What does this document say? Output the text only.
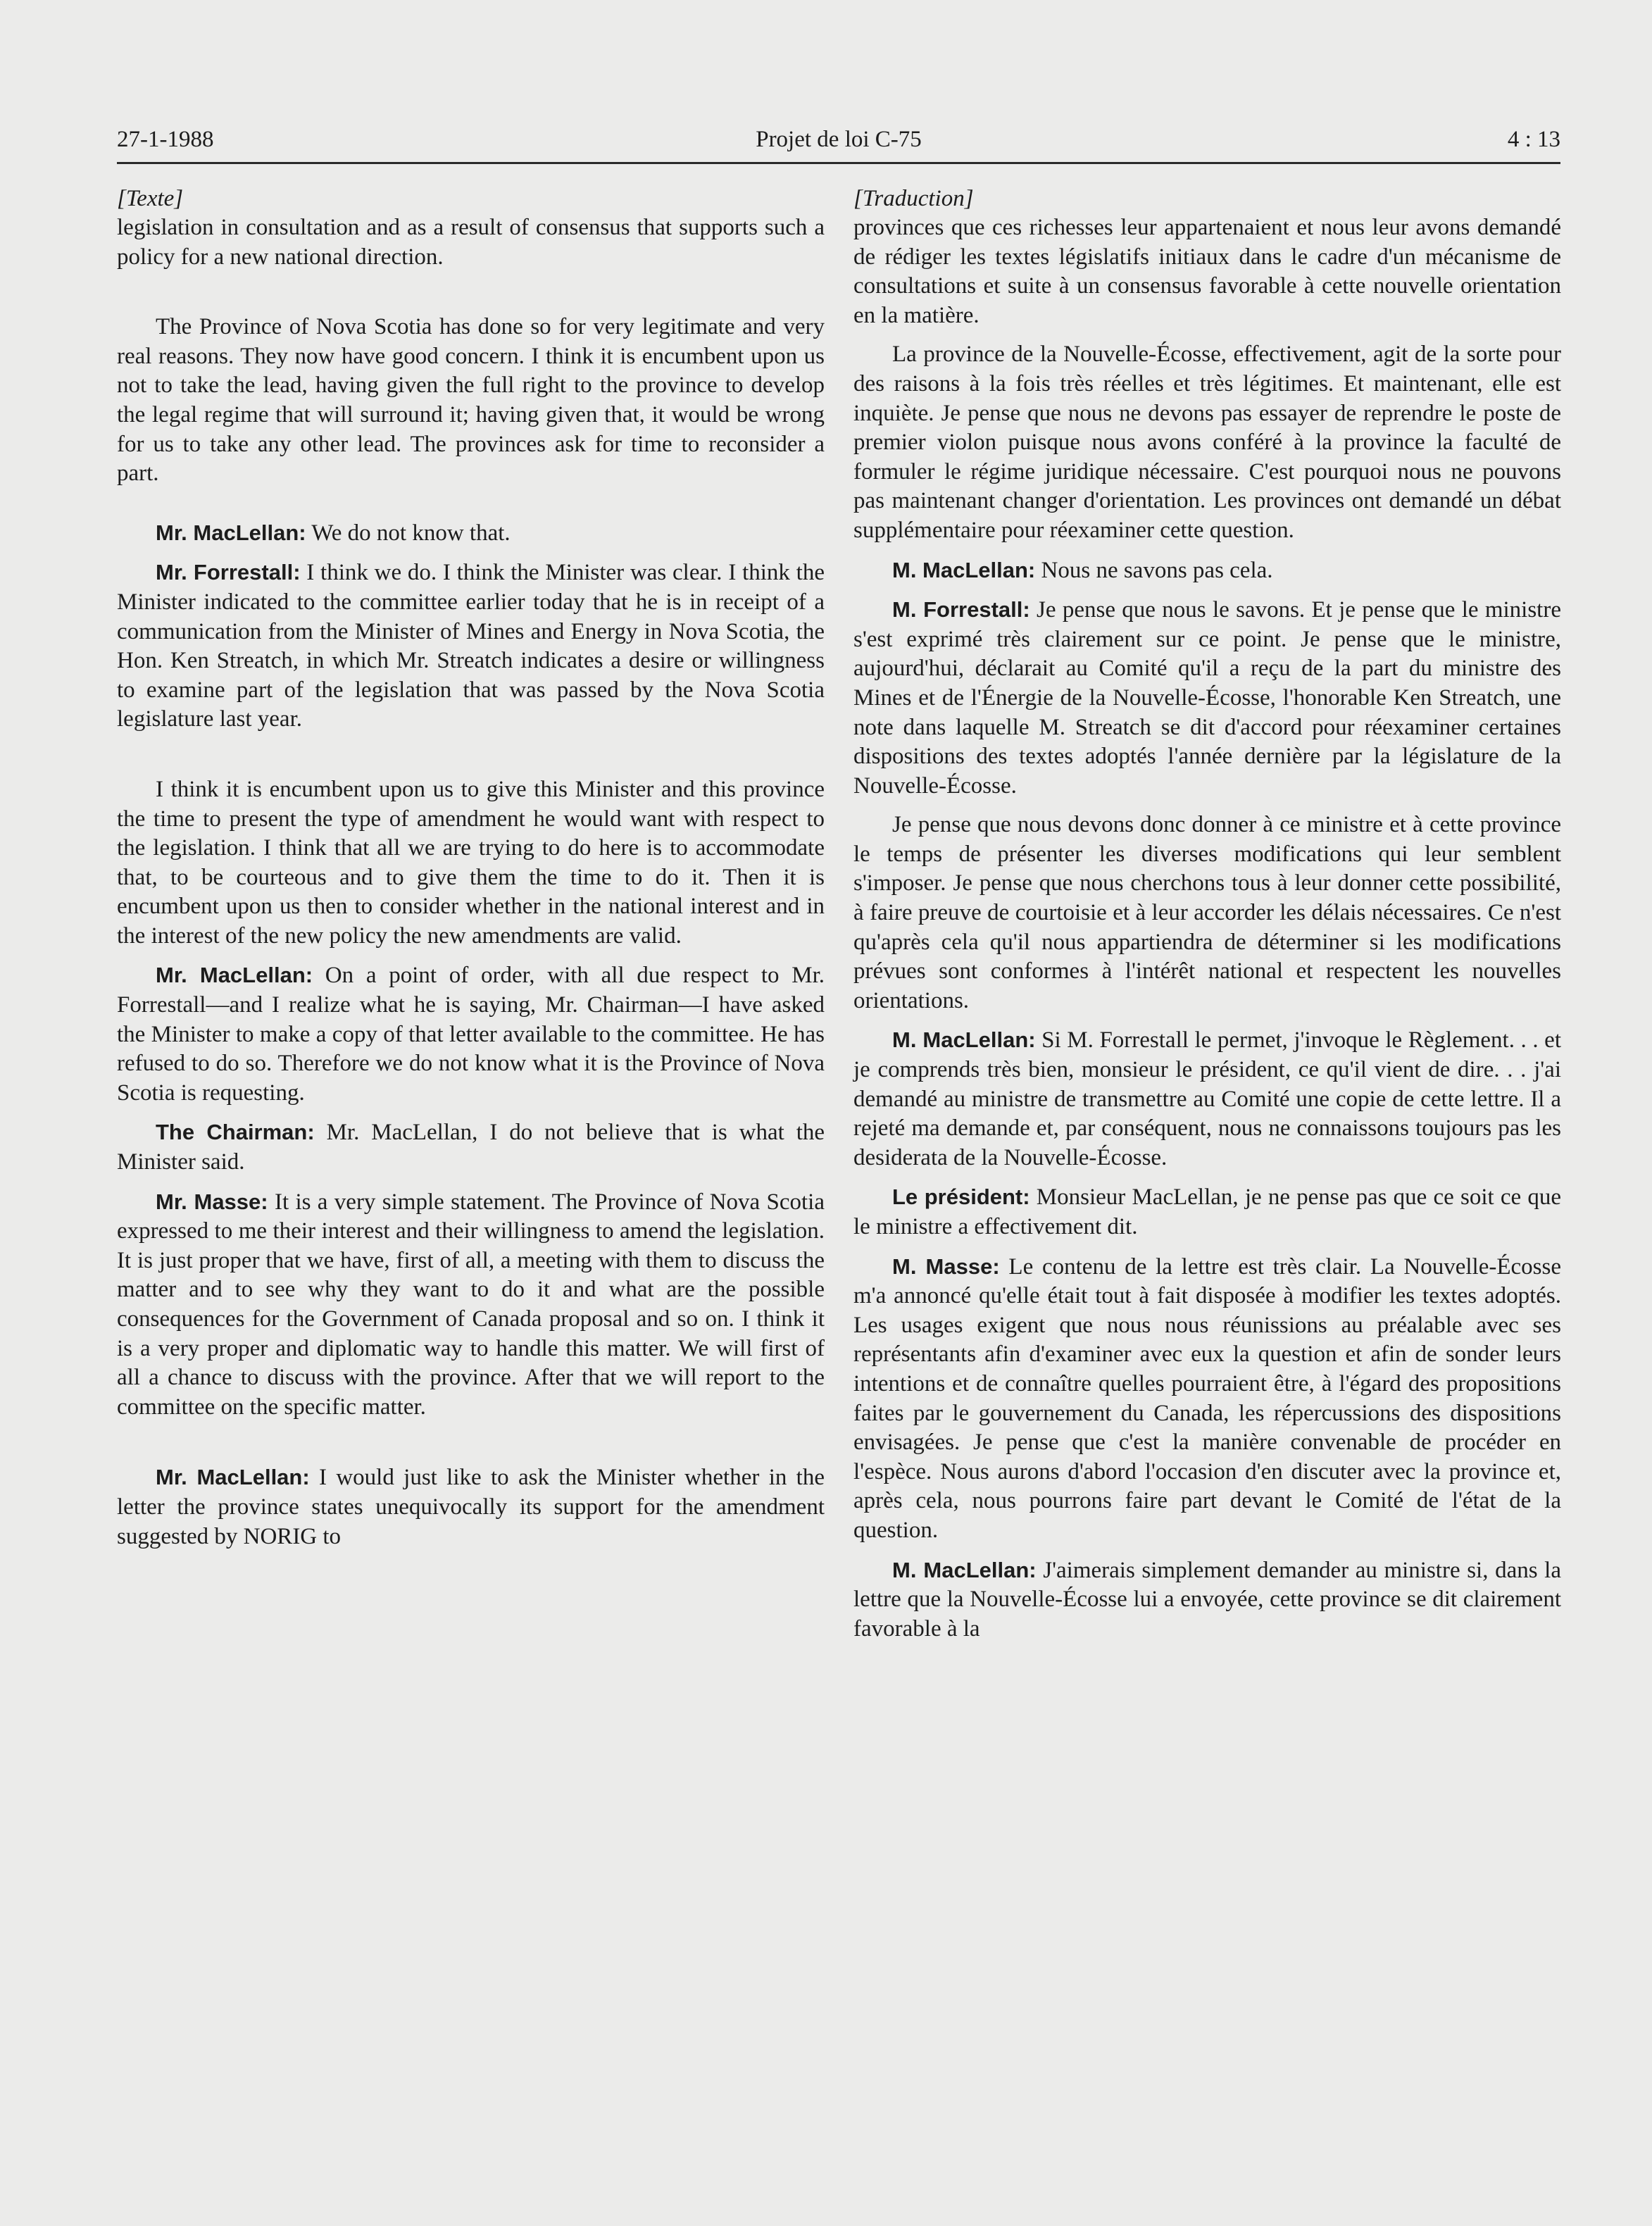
27-1-1988	Projet de loi C-75	4 : 13
[Texte]

legislation in consultation and as a result of consensus that supports such a policy for a new national direction.

The Province of Nova Scotia has done so for very legitimate and very real reasons. They now have good concern. I think it is encumbent upon us not to take the lead, having given the full right to the province to develop the legal regime that will surround it; having given that, it would be wrong for us to take any other lead. The provinces ask for time to reconsider a part.

Mr. MacLellan: We do not know that.

Mr. Forrestall: I think we do. I think the Minister was clear. I think the Minister indicated to the committee earlier today that he is in receipt of a communication from the Minister of Mines and Energy in Nova Scotia, the Hon. Ken Streatch, in which Mr. Streatch indicates a desire or willingness to examine part of the legislation that was passed by the Nova Scotia legislature last year.

I think it is encumbent upon us to give this Minister and this province the time to present the type of amendment he would want with respect to the legislation. I think that all we are trying to do here is to accommodate that, to be courteous and to give them the time to do it. Then it is encumbent upon us then to consider whether in the national interest and in the interest of the new policy the new amendments are valid.

Mr. MacLellan: On a point of order, with all due respect to Mr. Forrestall—and I realize what he is saying, Mr. Chairman—I have asked the Minister to make a copy of that letter available to the committee. He has refused to do so. Therefore we do not know what it is the Province of Nova Scotia is requesting.

The Chairman: Mr. MacLellan, I do not believe that is what the Minister said.

Mr. Masse: It is a very simple statement. The Province of Nova Scotia expressed to me their interest and their willingness to amend the legislation. It is just proper that we have, first of all, a meeting with them to discuss the matter and to see why they want to do it and what are the possible consequences for the Government of Canada proposal and so on. I think it is a very proper and diplomatic way to handle this matter. We will first of all a chance to discuss with the province. After that we will report to the committee on the specific matter.

Mr. MacLellan: I would just like to ask the Minister whether in the letter the province states unequivocally its support for the amendment suggested by NORIG to

[Traduction]

provinces que ces richesses leur appartenaient et nous leur avons demandé de rédiger les textes législatifs initiaux dans le cadre d'un mécanisme de consultations et suite à un consensus favorable à cette nouvelle orientation en la matière.

La province de la Nouvelle-Écosse, effectivement, agit de la sorte pour des raisons à la fois très réelles et très légitimes. Et maintenant, elle est inquiète. Je pense que nous ne devons pas essayer de reprendre le poste de premier violon puisque nous avons conféré à la province la faculté de formuler le régime juridique nécessaire. C'est pourquoi nous ne pouvons pas maintenant changer d'orientation. Les provinces ont demandé un débat supplémentaire pour réexaminer cette question.

M. MacLellan: Nous ne savons pas cela.

M. Forrestall: Je pense que nous le savons. Et je pense que le ministre s'est exprimé très clairement sur ce point. Je pense que le ministre, aujourd'hui, déclarait au Comité qu'il a reçu de la part du ministre des Mines et de l'Énergie de la Nouvelle-Écosse, l'honorable Ken Streatch, une note dans laquelle M. Streatch se dit d'accord pour réexaminer certaines dispositions des textes adoptés l'année dernière par la législature de la Nouvelle-Écosse.

Je pense que nous devons donc donner à ce ministre et à cette province le temps de présenter les diverses modifications qui leur semblent s'imposer. Je pense que nous cherchons tous à leur donner cette possibilité, à faire preuve de courtoisie et à leur accorder les délais nécessaires. Ce n'est qu'après cela qu'il nous appartiendra de déterminer si les modifications prévues sont conformes à l'intérêt national et respectent les nouvelles orientations.

M. MacLellan: Si M. Forrestall le permet, j'invoque le Règlement. . . et je comprends très bien, monsieur le président, ce qu'il vient de dire. . . j'ai demandé au ministre de transmettre au Comité une copie de cette lettre. Il a rejeté ma demande et, par conséquent, nous ne connaissons toujours pas les desiderata de la Nouvelle-Écosse.

Le président: Monsieur MacLellan, je ne pense pas que ce soit ce que le ministre a effectivement dit.

M. Masse: Le contenu de la lettre est très clair. La Nouvelle-Écosse m'a annoncé qu'elle était tout à fait disposée à modifier les textes adoptés. Les usages exigent que nous nous réunissions au préalable avec ses représentants afin d'examiner avec eux la question et afin de sonder leurs intentions et de connaître quelles pourraient être, à l'égard des propositions faites par le gouvernement du Canada, les répercussions des dispositions envisagées. Je pense que c'est la manière convenable de procéder en l'espèce. Nous aurons d'abord l'occasion d'en discuter avec la province et, après cela, nous pourrons faire part devant le Comité de l'état de la question.

M. MacLellan: J'aimerais simplement demander au ministre si, dans la lettre que la Nouvelle-Écosse lui a envoyée, cette province se dit clairement favorable à la
